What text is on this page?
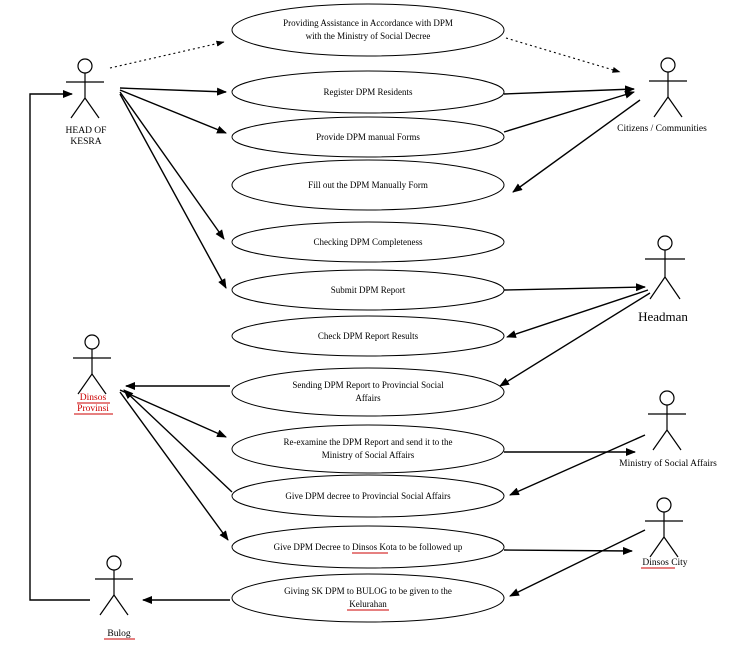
Providing Assistance in Accordance with DPM
with the Ministry of Social Decree
Register DPM Residents
Provide DPM manual Forms
Fill out the DPM Manually Form
Checking DPM Completeness
Submit DPM Report
Check DPM Report Results
Sending DPM Report to Provincial Social
Affairs
Re-examine the DPM Report and send it to the
Ministry of Social Affairs
Give DPM decree to Provincial Social Affairs
Give DPM Decree to Dinsos Kota to be followed up
Giving SK DPM to BULOG to be given to the
Kelurahan
HEAD OF
KESRA
Citizens / Communities
Headman
Dinsos
Provinsi
Ministry of Social Affairs
Dinsos City
Bulog
